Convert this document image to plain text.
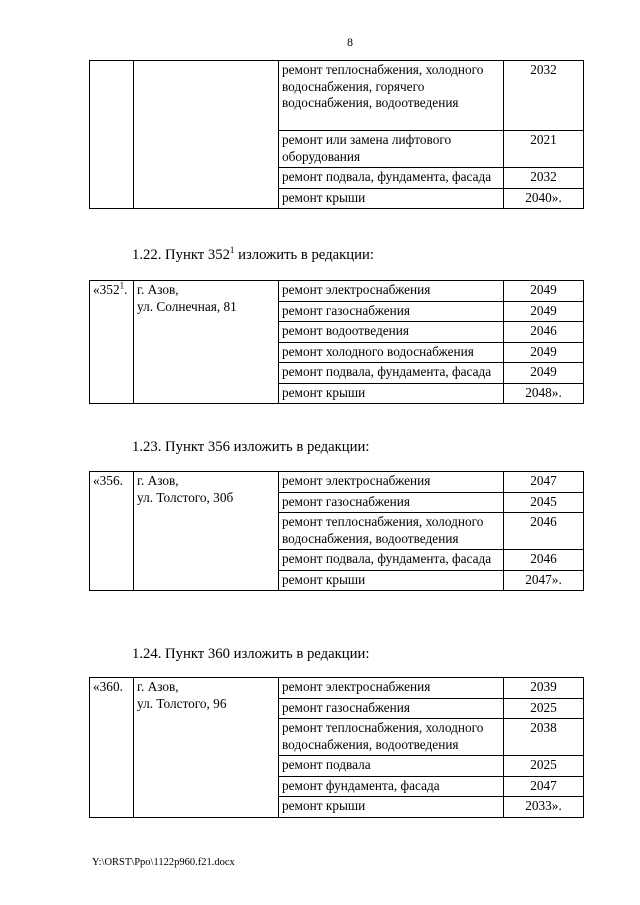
8
		ремонт теплоснабжения, холодного водоснабжения, горячего водоснабжения, водоотведения	2032
		ремонт или замена лифтового оборудования	2021
		ремонт подвала, фундамента, фасада	2032
		ремонт крыши	2040».
1.22. Пункт $352^1$ изложить в редакции:
«$352^1$.	г. Азов,
ул. Солнечная, 81	ремонт электроснабжения	2049
		ремонт газоснабжения	2049
		ремонт водоотведения	2046
		ремонт холодного водоснабжения	2049
		ремонт подвала, фундамента, фасада	2049
		ремонт крыши	2048».
1.23. Пункт 356 изложить в редакции:
«356.	г. Азов,
ул. Толстого, 30б	ремонт электроснабжения	2047
		ремонт газоснабжения	2045
		ремонт теплоснабжения, холодного водоснабжения, водоотведения	2046
		ремонт подвала, фундамента, фасада	2046
		ремонт крыши	2047».
1.24. Пункт 360 изложить в редакции:
«360.	г. Азов,
ул. Толстого, 96	ремонт электроснабжения	2039
		ремонт газоснабжения	2025
		ремонт теплоснабжения, холодного водоснабжения, водоотведения	2038
		ремонт подвала	2025
		ремонт фундамента, фасада	2047
		ремонт крыши	2033».
Y:\ORST\Ppo\1122p960.f21.docx
